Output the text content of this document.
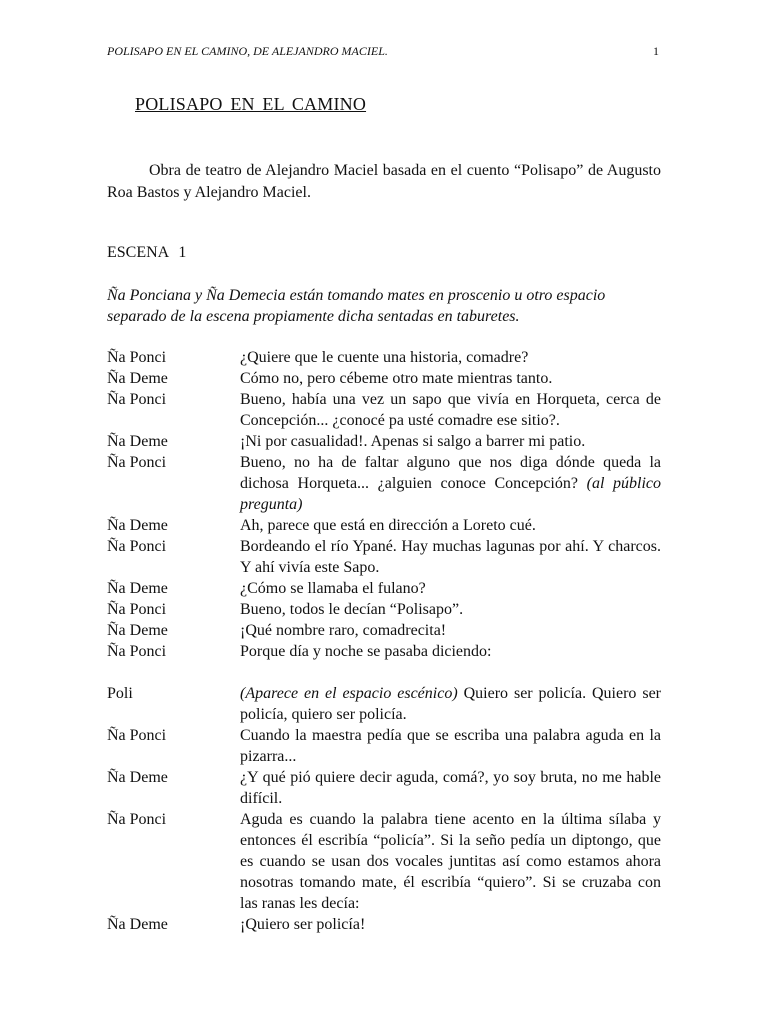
POLISAPO EN EL CAMINO, DE ALEJANDRO MACIEL.	1
POLISAPO EN EL CAMINO

Obra de teatro de Alejandro Maciel basada en el cuento “Polisapo” de Augusto Roa Bastos y Alejandro Maciel.

ESCENA 1

Ña Ponciana y Ña Demecia están tomando mates en proscenio u otro espacio separado de la escena propiamente dicha sentadas en taburetes.

Ña Ponci	¿Quiere que le cuente una historia, comadre?
Ña Deme	Cómo no, pero cébeme otro mate mientras tanto.
Ña Ponci	Bueno, había una vez un sapo que vivía en Horqueta, cerca de Concepción... ¿conocé pa usté comadre ese sitio?.
Ña Deme	¡Ni por casualidad!. Apenas si salgo a barrer mi patio.
Ña Ponci	Bueno, no ha de faltar alguno que nos diga dónde queda la dichosa Horqueta... ¿alguien conoce Concepción? (al público pregunta)
Ña Deme	Ah, parece que está en dirección a Loreto cué.
Ña Ponci	Bordeando el río Ypané. Hay muchas lagunas por ahí. Y charcos. Y ahí vivía este Sapo.
Ña Deme	¿Cómo se llamaba el fulano?
Ña Ponci	Bueno, todos le decían “Polisapo”.
Ña Deme	¡Qué nombre raro, comadrecita!
Ña Ponci	Porque día y noche se pasaba diciendo:
Poli	(Aparece en el espacio escénico) Quiero ser policía. Quiero ser policía, quiero ser policía.
Ña Ponci	Cuando la maestra pedía que se escriba una palabra aguda en la pizarra...
Ña Deme	¿Y qué pió quiere decir aguda, comá?, yo soy bruta, no me hable difícil.
Ña Ponci	Aguda es cuando la palabra tiene acento en la última sílaba y entonces él escribía “policía”. Si la seño pedía un diptongo, que es cuando se usan dos vocales juntitas así como estamos ahora nosotras tomando mate, él escribía “quiero”. Si se cruzaba con las ranas les decía:
Ña Deme	¡Quiero ser policía!
